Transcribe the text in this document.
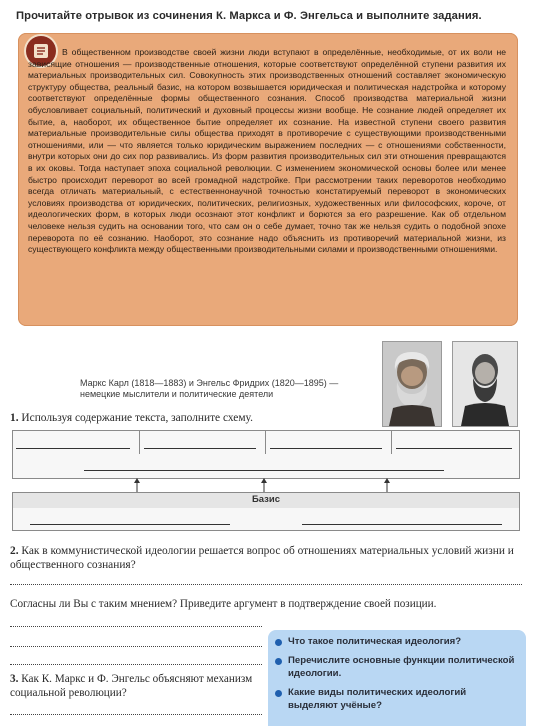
Прочитайте отрывок из сочинения К. Маркса и Ф. Энгельса и выполните задания.

В общественном производстве своей жизни люди вступают в определённые, необходимые, от их воли не зависящие отношения — производственные отношения, которые соответствуют определённой ступени развития их материальных производительных сил. Совокупность этих производственных отношений составляет экономическую структуру общества, реальный базис, на котором возвышается юридическая и политическая надстройка и которому соответствуют определённые формы общественного сознания. Способ производства материальной жизни обусловливает социальный, политический и духовный процессы жизни вообще. Не сознание людей определяет их бытие, а, наоборот, их общественное бытие определяет их сознание. На известной ступени своего развития материальные производительные силы общества приходят в противоречие с существующими производственными отношениями, или — что является только юридическим выражением последних — с отношениями собственности, внутри которых они до сих пор развивались. Из форм развития производительных сил эти отношения превращаются в их оковы. Тогда наступает эпоха социальной революции. С изменением экономической основы более или менее быстро происходит переворот во всей громадной надстройке. При рассмотрении таких переворотов необходимо всегда отличать материальный, с естественнонаучной точностью констатируемый переворот в экономических условиях производства от юридических, политических, религиозных, художественных или философских, короче, от идеологических форм, в которых люди осознают этот конфликт и борются за его разрешение. Как об отдельном человеке нельзя судить на основании того, что сам он о себе думает, точно так же нельзя судить о подобной эпохе переворота по её сознанию. Наоборот, это сознание надо объяснить из противоречий материальной жизни, из существующего конфликта между общественными производительными силами и производственными отношениями.

Маркс Карл (1818—1883) и Энгельс Фридрих (1820—1895) —
немецкие мыслители и политические деятели
1. Используя содержание текста, заполните схему.
Базис
2. Как в коммунистической идеологии решается вопрос об отношениях материальных условий жизни и общественного сознания?
Согласны ли Вы с таким мнением? Приведите аргумент в подтверждение своей позиции.
3. Как К. Маркс и Ф. Энгельс объясняют механизм социальной революции?
Что такое политическая идеология?
Перечислите основные функции политической идеологии.
Какие виды политических идеологий выделяют учёные?
